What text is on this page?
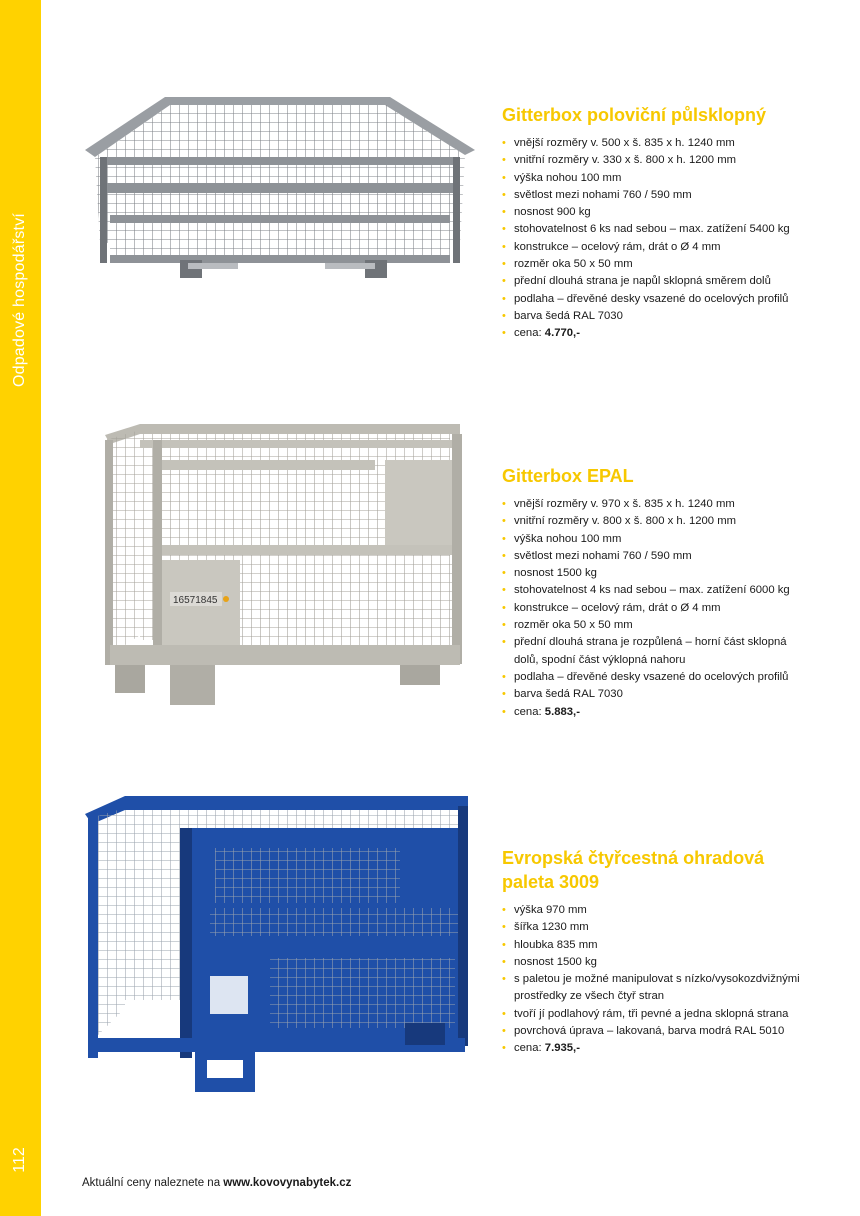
Odpadové hospodářství
112
Gitterbox poloviční půlsklopný
• vnější rozměry v. 500 x š. 835 x h. 1240 mm
• vnitřní rozměry v. 330 x š. 800 x h. 1200 mm
• výška nohou 100 mm
• světlost mezi nohami 760 / 590 mm
• nosnost 900 kg
• stohovatelnost 6 ks nad sebou – max. zatížení 5400 kg
• konstrukce – ocelový rám, drát o Ø 4 mm
• rozměr oka 50 x 50 mm
• přední dlouhá strana je napůl sklopná směrem dolů
• podlaha – dřevěné desky vsazené do ocelových profilů
• barva šedá RAL 7030
• cena: 4.770,-
16571845
Gitterbox EPAL
• vnější rozměry v. 970 x š. 835 x h. 1240 mm
• vnitřní rozměry v. 800 x š. 800 x h. 1200 mm
• výška nohou 100 mm
• světlost mezi nohami 760 / 590 mm
• nosnost 1500 kg
• stohovatelnost 4 ks nad sebou – max. zatížení 6000 kg
• konstrukce – ocelový rám, drát o Ø 4 mm
• rozměr oka 50 x 50 mm
• přední dlouhá strana je rozpůlená – horní část sklopná dolů, spodní část výklopná nahoru
• podlaha – dřevěné desky vsazené do ocelových profilů
• barva šedá RAL 7030
• cena: 5.883,-
Evropská čtyřcestná ohradová paleta 3009
• výška 970 mm
• šířka 1230 mm
• hloubka 835 mm
• nosnost 1500 kg
• s paletou je možné manipulovat s nízko/vysokozdvižnými prostředky ze všech čtyř stran
• tvoří jí podlahový rám, tři pevné a jedna sklopná strana
• povrchová úprava – lakovaná, barva modrá RAL 5010
• cena: 7.935,-
Aktuální ceny naleznete na www.kovovynabytek.cz
